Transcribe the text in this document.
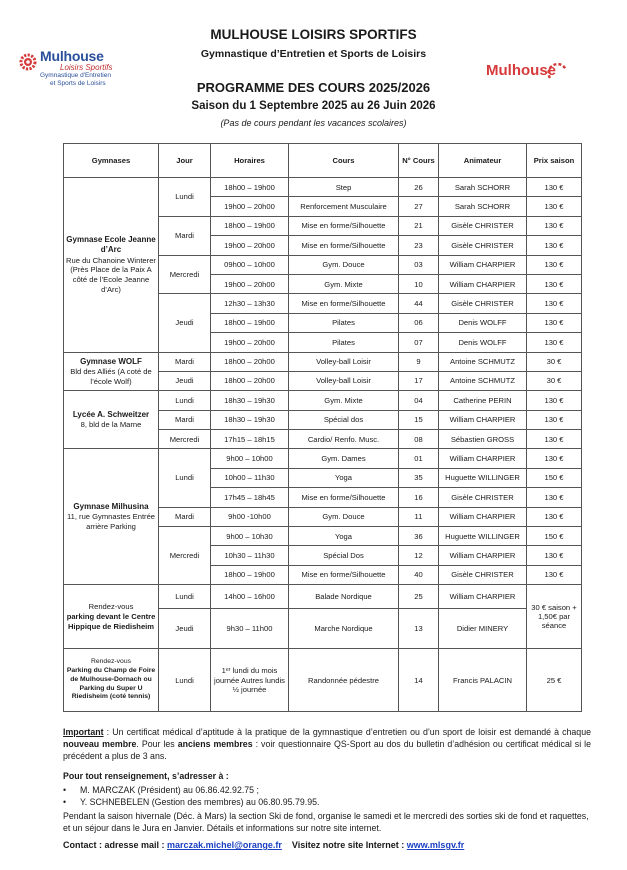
Mulhouse
Loisirs Sportifs
Gymnastique d'Entretien
et Sports de Loisirs
Mulhouse
MULHOUSE LOISIRS SPORTIFS
Gymnastique d’Entretien et Sports de Loisirs
PROGRAMME DES COURS 2025/2026
Saison du 1 Septembre 2025 au 26 Juin 2026
(Pas de cours pendant les vacances scolaires)
Gymnases	Jour	Horaires	Cours	N° Cours	Animateur	Prix saison

Gymnase Ecole Jeanne d’Arc
Rue du Chanoine Winterer (Près Place de la Paix A côté de l’Ecole Jeanne d’Arc)	Lundi	18h00 – 19h00	Step	26	Sarah SCHORR	130 €
		19h00 – 20h00	Renforcement Musculaire	27	Sarah SCHORR	130 €
	Mardi	18h00 – 19h00	Mise en forme/Silhouette	21	Gisèle CHRISTER	130 €
		19h00 – 20h00	Mise en forme/Silhouette	23	Gisèle CHRISTER	130 €
	Mercredi	09h00 – 10h00	Gym. Douce	03	William CHARPIER	130 €
		19h00 – 20h00	Gym. Mixte	10	William CHARPIER	130 €
	Jeudi	12h30 – 13h30	Mise en forme/Silhouette	44	Gisèle CHRISTER	130 €
		18h00 – 19h00	Pilates	06	Denis WOLFF	130 €
		19h00 – 20h00	Pilates	07	Denis WOLFF	130 €

Gymnase WOLF
Bld des Alliés (A coté de l’école Wolf)	Mardi	18h00 – 20h00	Volley-ball Loisir	9	Antoine SCHMUTZ	30 €
	Jeudi	18h00 – 20h00	Volley-ball Loisir	17	Antoine SCHMUTZ	30 €

Lycée A. Schweitzer
8, bld de la Marne	Lundi	18h30 – 19h30	Gym. Mixte	04	Catherine PERIN	130 €
	Mardi	18h30 – 19h30	Spécial dos	15	William CHARPIER	130 €
	Mercredi	17h15 – 18h15	Cardio/ Renfo. Musc.	08	Sébastien GROSS	130 €

Gymnase Milhusina
11, rue Gymnastes Entrée arrière Parking	Lundi	9h00 – 10h00	Gym. Dames	01	William CHARPIER	130 €
		10h00 – 11h30	Yoga	35	Huguette WILLINGER	150 €
		17h45 – 18h45	Mise en forme/Silhouette	16	Gisèle CHRISTER	130 €
	Mardi	9h00 -10h00	Gym. Douce	11	William CHARPIER	130 €
	Mercredi	9h00 – 10h30	Yoga	36	Huguette WILLINGER	150 €
		10h30 – 11h30	Spécial Dos	12	William CHARPIER	130 €
		18h00 – 19h00	Mise en forme/Silhouette	40	Gisèle CHRISTER	130 €

Rendez-vous
parking devant le Centre Hippique de Riedisheim	Lundi	14h00 – 16h00	Balade Nordique	25	William CHARPIER	30 € saison + 1,50€ par séance
	Jeudi	9h30 – 11h00	Marche Nordique	13	Didier MINERY	

Rendez-vous
Parking du Champ de Foire de Mulhouse-Dornach ou Parking du Super U Riedisheim (coté tennis)	Lundi	1ᵉʳ lundi du mois journée Autres lundis ½ journée	Randonnée pédestre	14	Francis PALACIN	25 €
Important : Un certificat médical d’aptitude à la pratique de la gymnastique d’entretien ou d’un sport de loisir est demandé à chaque nouveau membre. Pour les anciens membres : voir questionnaire QS-Sport au dos du bulletin d’adhésion ou certificat médical si le précédent a plus de 3 ans.
Pour tout renseignement, s’adresser à :
•	M. MARCZAK (Président) au 06.86.42.92.75 ;
•	Y. SCHNEBELEN (Gestion des membres) au 06.80.95.79.95.
Pendant la saison hivernale (Déc. à Mars) la section Ski de fond, organise le samedi et le mercredi des sorties ski de fond et raquettes, et un séjour dans le Jura en Janvier. Détails et informations sur notre site internet.
Contact : adresse mail : marczak.michel@orange.fr Visitez notre site Internet : www.mlsgv.fr
